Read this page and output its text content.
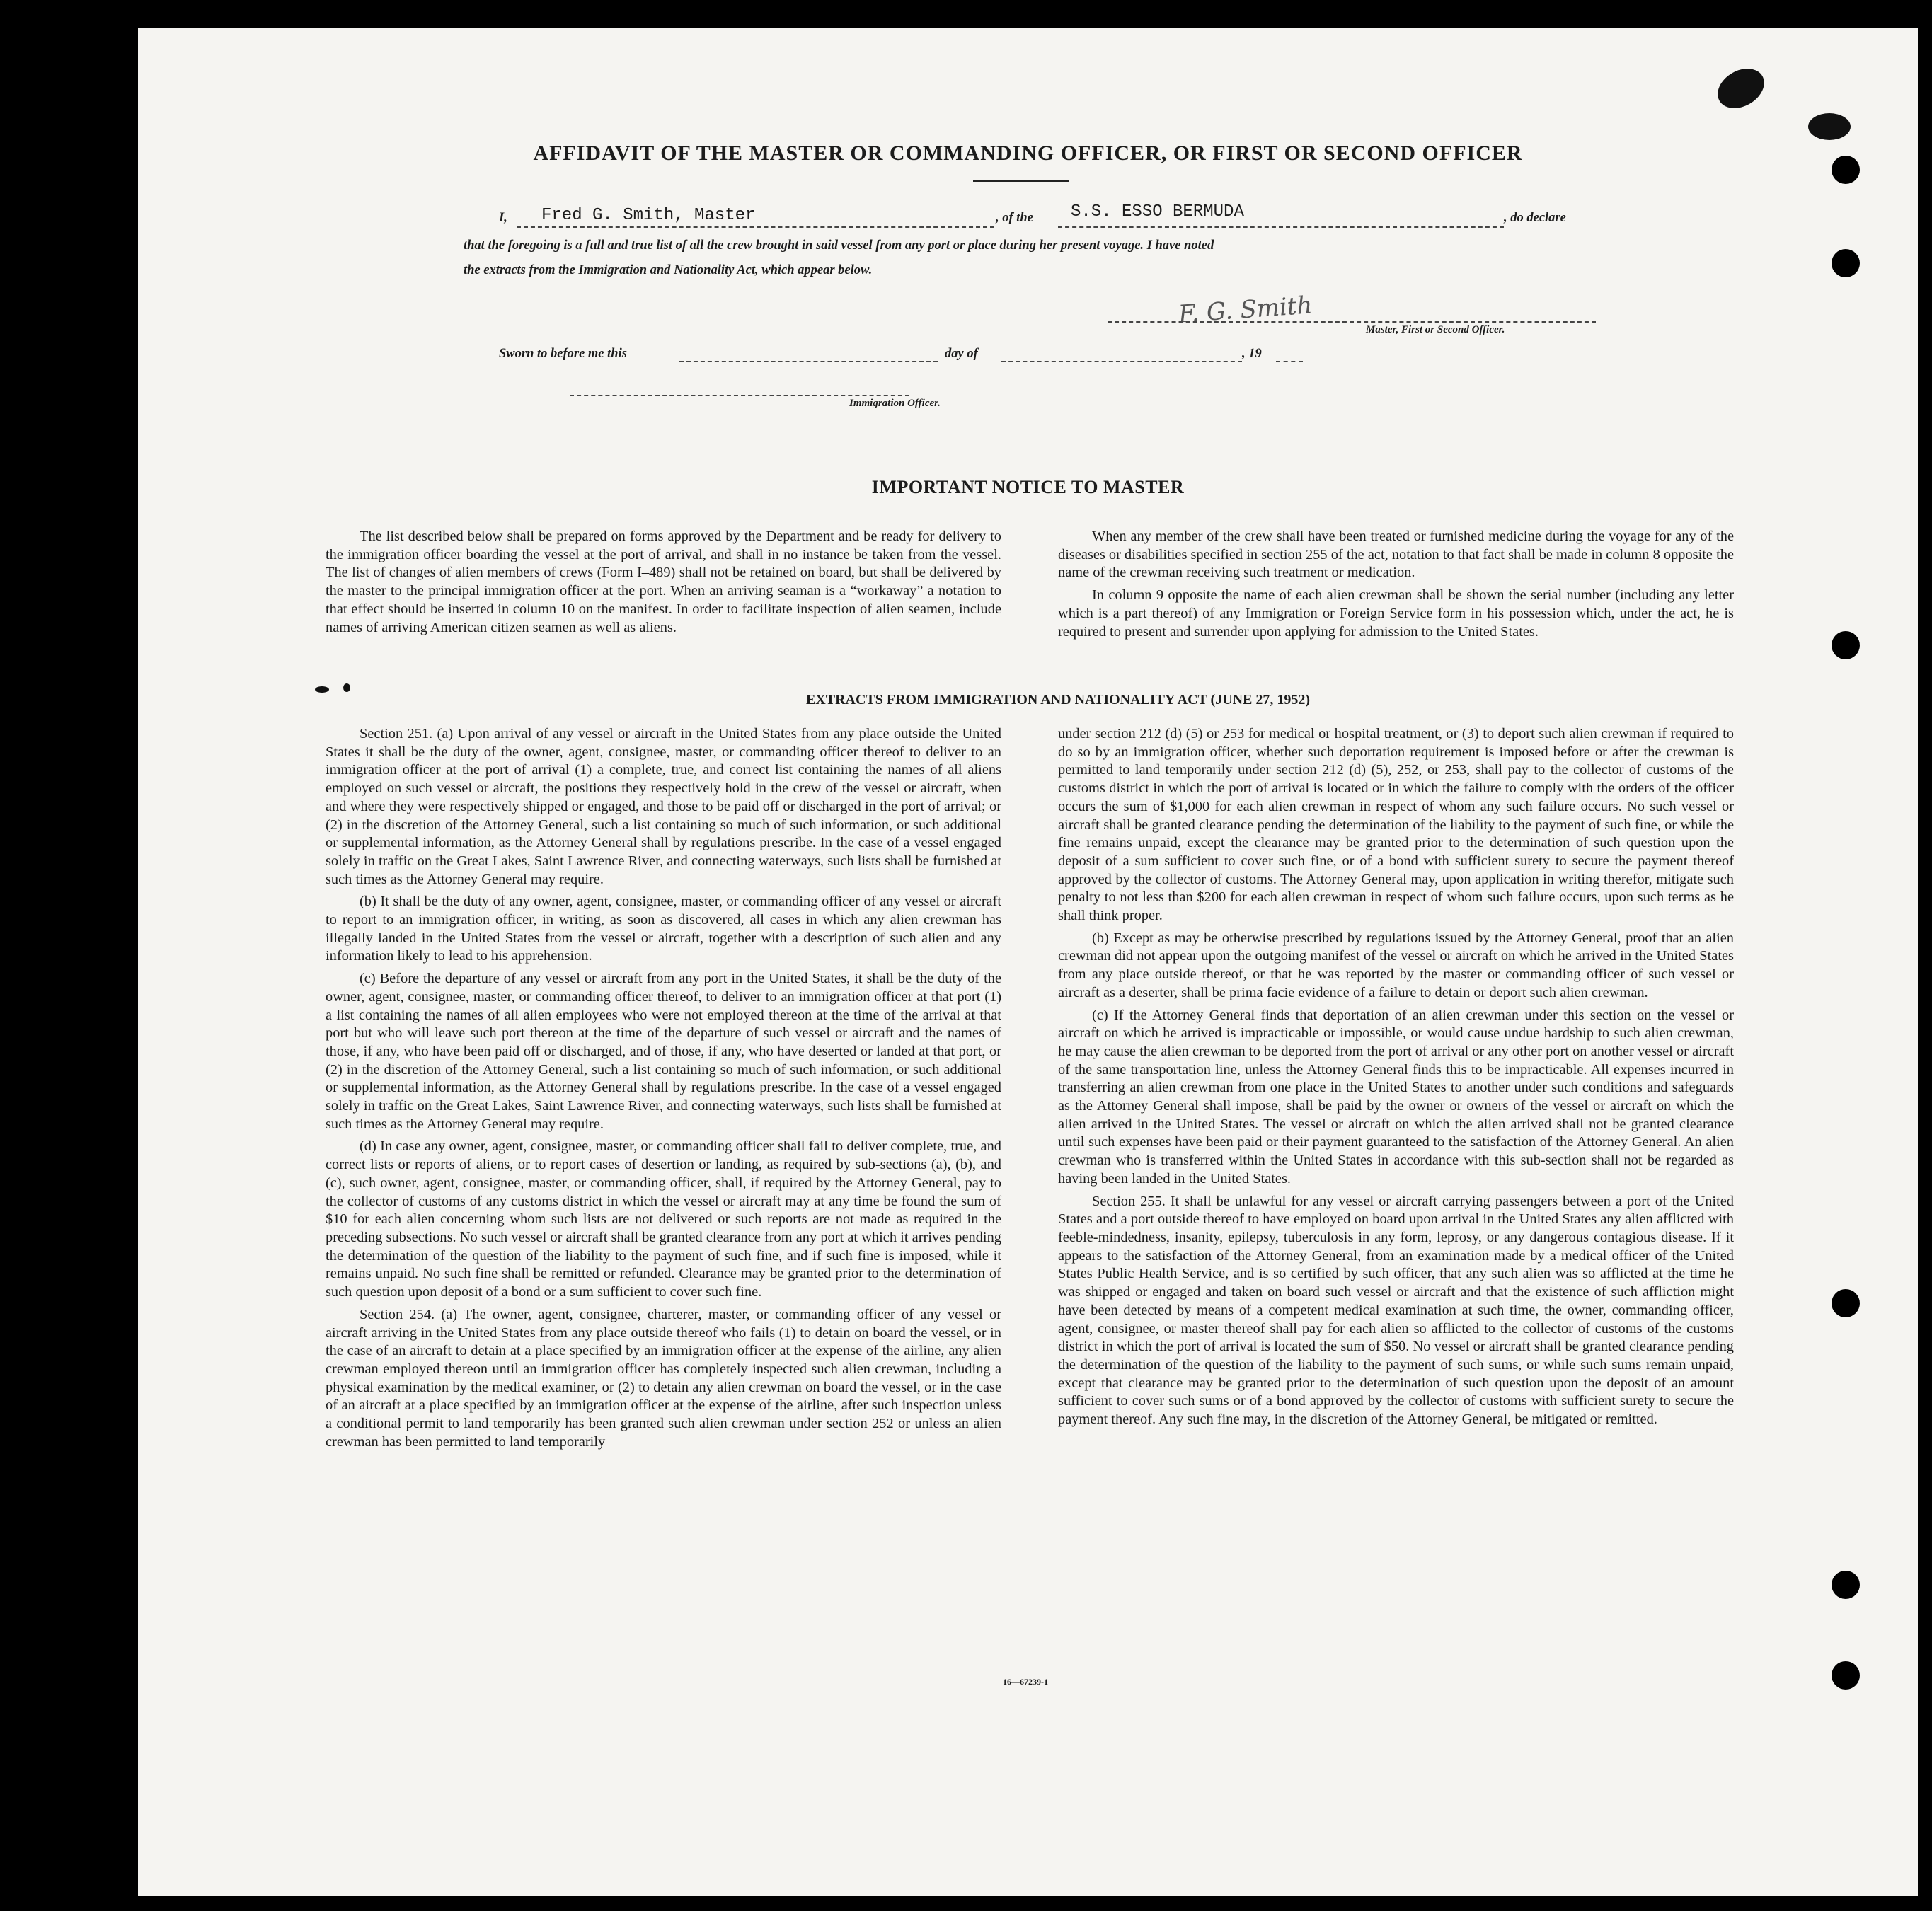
AFFIDAVIT OF THE MASTER OR COMMANDING OFFICER, OR FIRST OR SECOND OFFICER
I, Fred G. Smith, Master	, of the S.S. ESSO BERMUDA	, do declare
that the foregoing is a full and true list of all the crew brought in said vessel from any port or place during her present voyage. I have noted
the extracts from the Immigration and Nationality Act, which appear below.
F. G. Smith
Master, First or Second Officer.
Sworn to before me this	day of	, 19
Immigration Officer.
IMPORTANT NOTICE TO MASTER

The list described below shall be prepared on forms approved by the Department and be ready for delivery to the immigration officer boarding the vessel at the port of arrival, and shall in no instance be taken from the vessel. The list of changes of alien members of crews (Form I–489) shall not be retained on board, but shall be delivered by the master to the principal immigration officer at the port. When an arriving seaman is a “workaway” a notation to that effect should be inserted in column 10 on the manifest. In order to facilitate inspection of alien seamen, include names of arriving American citizen seamen as well as aliens.

When any member of the crew shall have been treated or furnished medicine during the voyage for any of the diseases or disabilities specified in section 255 of the act, notation to that fact shall be made in column 8 opposite the name of the crewman receiving such treatment or medication.

In column 9 opposite the name of each alien crewman shall be shown the serial number (including any letter which is a part thereof) of any Immigration or Foreign Service form in his possession which, under the act, he is required to present and surrender upon applying for admission to the United States.

EXTRACTS FROM IMMIGRATION AND NATIONALITY ACT (JUNE 27, 1952)

Section 251. (a) Upon arrival of any vessel or aircraft in the United States from any place outside the United States it shall be the duty of the owner, agent, consignee, master, or commanding officer thereof to deliver to an immigration officer at the port of arrival (1) a complete, true, and correct list containing the names of all aliens employed on such vessel or aircraft, the positions they respectively hold in the crew of the vessel or aircraft, when and where they were respectively shipped or engaged, and those to be paid off or discharged in the port of arrival; or (2) in the discretion of the Attorney General, such a list containing so much of such information, or such additional or supplemental information, as the Attorney General shall by regulations prescribe. In the case of a vessel engaged solely in traffic on the Great Lakes, Saint Lawrence River, and connecting waterways, such lists shall be furnished at such times as the Attorney General may require.

(b) It shall be the duty of any owner, agent, consignee, master, or commanding officer of any vessel or aircraft to report to an immigration officer, in writing, as soon as discovered, all cases in which any alien crewman has illegally landed in the United States from the vessel or aircraft, together with a description of such alien and any information likely to lead to his apprehension.

(c) Before the departure of any vessel or aircraft from any port in the United States, it shall be the duty of the owner, agent, consignee, master, or commanding officer thereof, to deliver to an immigration officer at that port (1) a list containing the names of all alien employees who were not employed thereon at the time of the arrival at that port but who will leave such port thereon at the time of the departure of such vessel or aircraft and the names of those, if any, who have been paid off or discharged, and of those, if any, who have deserted or landed at that port, or (2) in the discretion of the Attorney General, such a list containing so much of such information, or such additional or supplemental information, as the Attorney General shall by regulations prescribe. In the case of a vessel engaged solely in traffic on the Great Lakes, Saint Lawrence River, and connecting waterways, such lists shall be furnished at such times as the Attorney General may require.

(d) In case any owner, agent, consignee, master, or commanding officer shall fail to deliver complete, true, and correct lists or reports of aliens, or to report cases of desertion or landing, as required by sub-sections (a), (b), and (c), such owner, agent, consignee, master, or commanding officer, shall, if required by the Attorney General, pay to the collector of customs of any customs district in which the vessel or aircraft may at any time be found the sum of $10 for each alien concerning whom such lists are not delivered or such reports are not made as required in the preceding subsections. No such vessel or aircraft shall be granted clearance from any port at which it arrives pending the determination of the question of the liability to the payment of such fine, and if such fine is imposed, while it remains unpaid. No such fine shall be remitted or refunded. Clearance may be granted prior to the determination of such question upon deposit of a bond or a sum sufficient to cover such fine.

Section 254. (a) The owner, agent, consignee, charterer, master, or commanding officer of any vessel or aircraft arriving in the United States from any place outside thereof who fails (1) to detain on board the vessel, or in the case of an aircraft to detain at a place specified by an immigration officer at the expense of the airline, any alien crewman employed thereon until an immigration officer has completely inspected such alien crewman, including a physical examination by the medical examiner, or (2) to detain any alien crewman on board the vessel, or in the case of an aircraft at a place specified by an immigration officer at the expense of the airline, after such inspection unless a conditional permit to land temporarily has been granted such alien crewman under section 252 or unless an alien crewman has been permitted to land temporarily

under section 212 (d) (5) or 253 for medical or hospital treatment, or (3) to deport such alien crewman if required to do so by an immigration officer, whether such deportation requirement is imposed before or after the crewman is permitted to land temporarily under section 212 (d) (5), 252, or 253, shall pay to the collector of customs of the customs district in which the port of arrival is located or in which the failure to comply with the orders of the officer occurs the sum of $1,000 for each alien crewman in respect of whom any such failure occurs. No such vessel or aircraft shall be granted clearance pending the determination of the liability to the payment of such fine, or while the fine remains unpaid, except the clearance may be granted prior to the determination of such question upon the deposit of a sum sufficient to cover such fine, or of a bond with sufficient surety to secure the payment thereof approved by the collector of customs. The Attorney General may, upon application in writing therefor, mitigate such penalty to not less than $200 for each alien crewman in respect of whom such failure occurs, upon such terms as he shall think proper.

(b) Except as may be otherwise prescribed by regulations issued by the Attorney General, proof that an alien crewman did not appear upon the outgoing manifest of the vessel or aircraft on which he arrived in the United States from any place outside thereof, or that he was reported by the master or commanding officer of such vessel or aircraft as a deserter, shall be prima facie evidence of a failure to detain or deport such alien crewman.

(c) If the Attorney General finds that deportation of an alien crewman under this section on the vessel or aircraft on which he arrived is impracticable or impossible, or would cause undue hardship to such alien crewman, he may cause the alien crewman to be deported from the port of arrival or any other port on another vessel or aircraft of the same transportation line, unless the Attorney General finds this to be impracticable. All expenses incurred in transferring an alien crewman from one place in the United States to another under such conditions and safeguards as the Attorney General shall impose, shall be paid by the owner or owners of the vessel or aircraft on which the alien arrived in the United States. The vessel or aircraft on which the alien arrived shall not be granted clearance until such expenses have been paid or their payment guaranteed to the satisfaction of the Attorney General. An alien crewman who is transferred within the United States in accordance with this sub-section shall not be regarded as having been landed in the United States.

Section 255. It shall be unlawful for any vessel or aircraft carrying passengers between a port of the United States and a port outside thereof to have employed on board upon arrival in the United States any alien afflicted with feeble-mindedness, insanity, epilepsy, tuberculosis in any form, leprosy, or any dangerous contagious disease. If it appears to the satisfaction of the Attorney General, from an examination made by a medical officer of the United States Public Health Service, and is so certified by such officer, that any such alien was so afflicted at the time he was shipped or engaged and taken on board such vessel or aircraft and that the existence of such affliction might have been detected by means of a competent medical examination at such time, the owner, commanding officer, agent, consignee, or master thereof shall pay for each alien so afflicted to the collector of customs of the customs district in which the port of arrival is located the sum of $50. No vessel or aircraft shall be granted clearance pending the determination of the question of the liability to the payment of such sums, or while such sums remain unpaid, except that clearance may be granted prior to the determination of such question upon the deposit of an amount sufficient to cover such sums or of a bond approved by the collector of customs with sufficient surety to secure the payment thereof. Any such fine may, in the discretion of the Attorney General, be mitigated or remitted.

16—67239-1
